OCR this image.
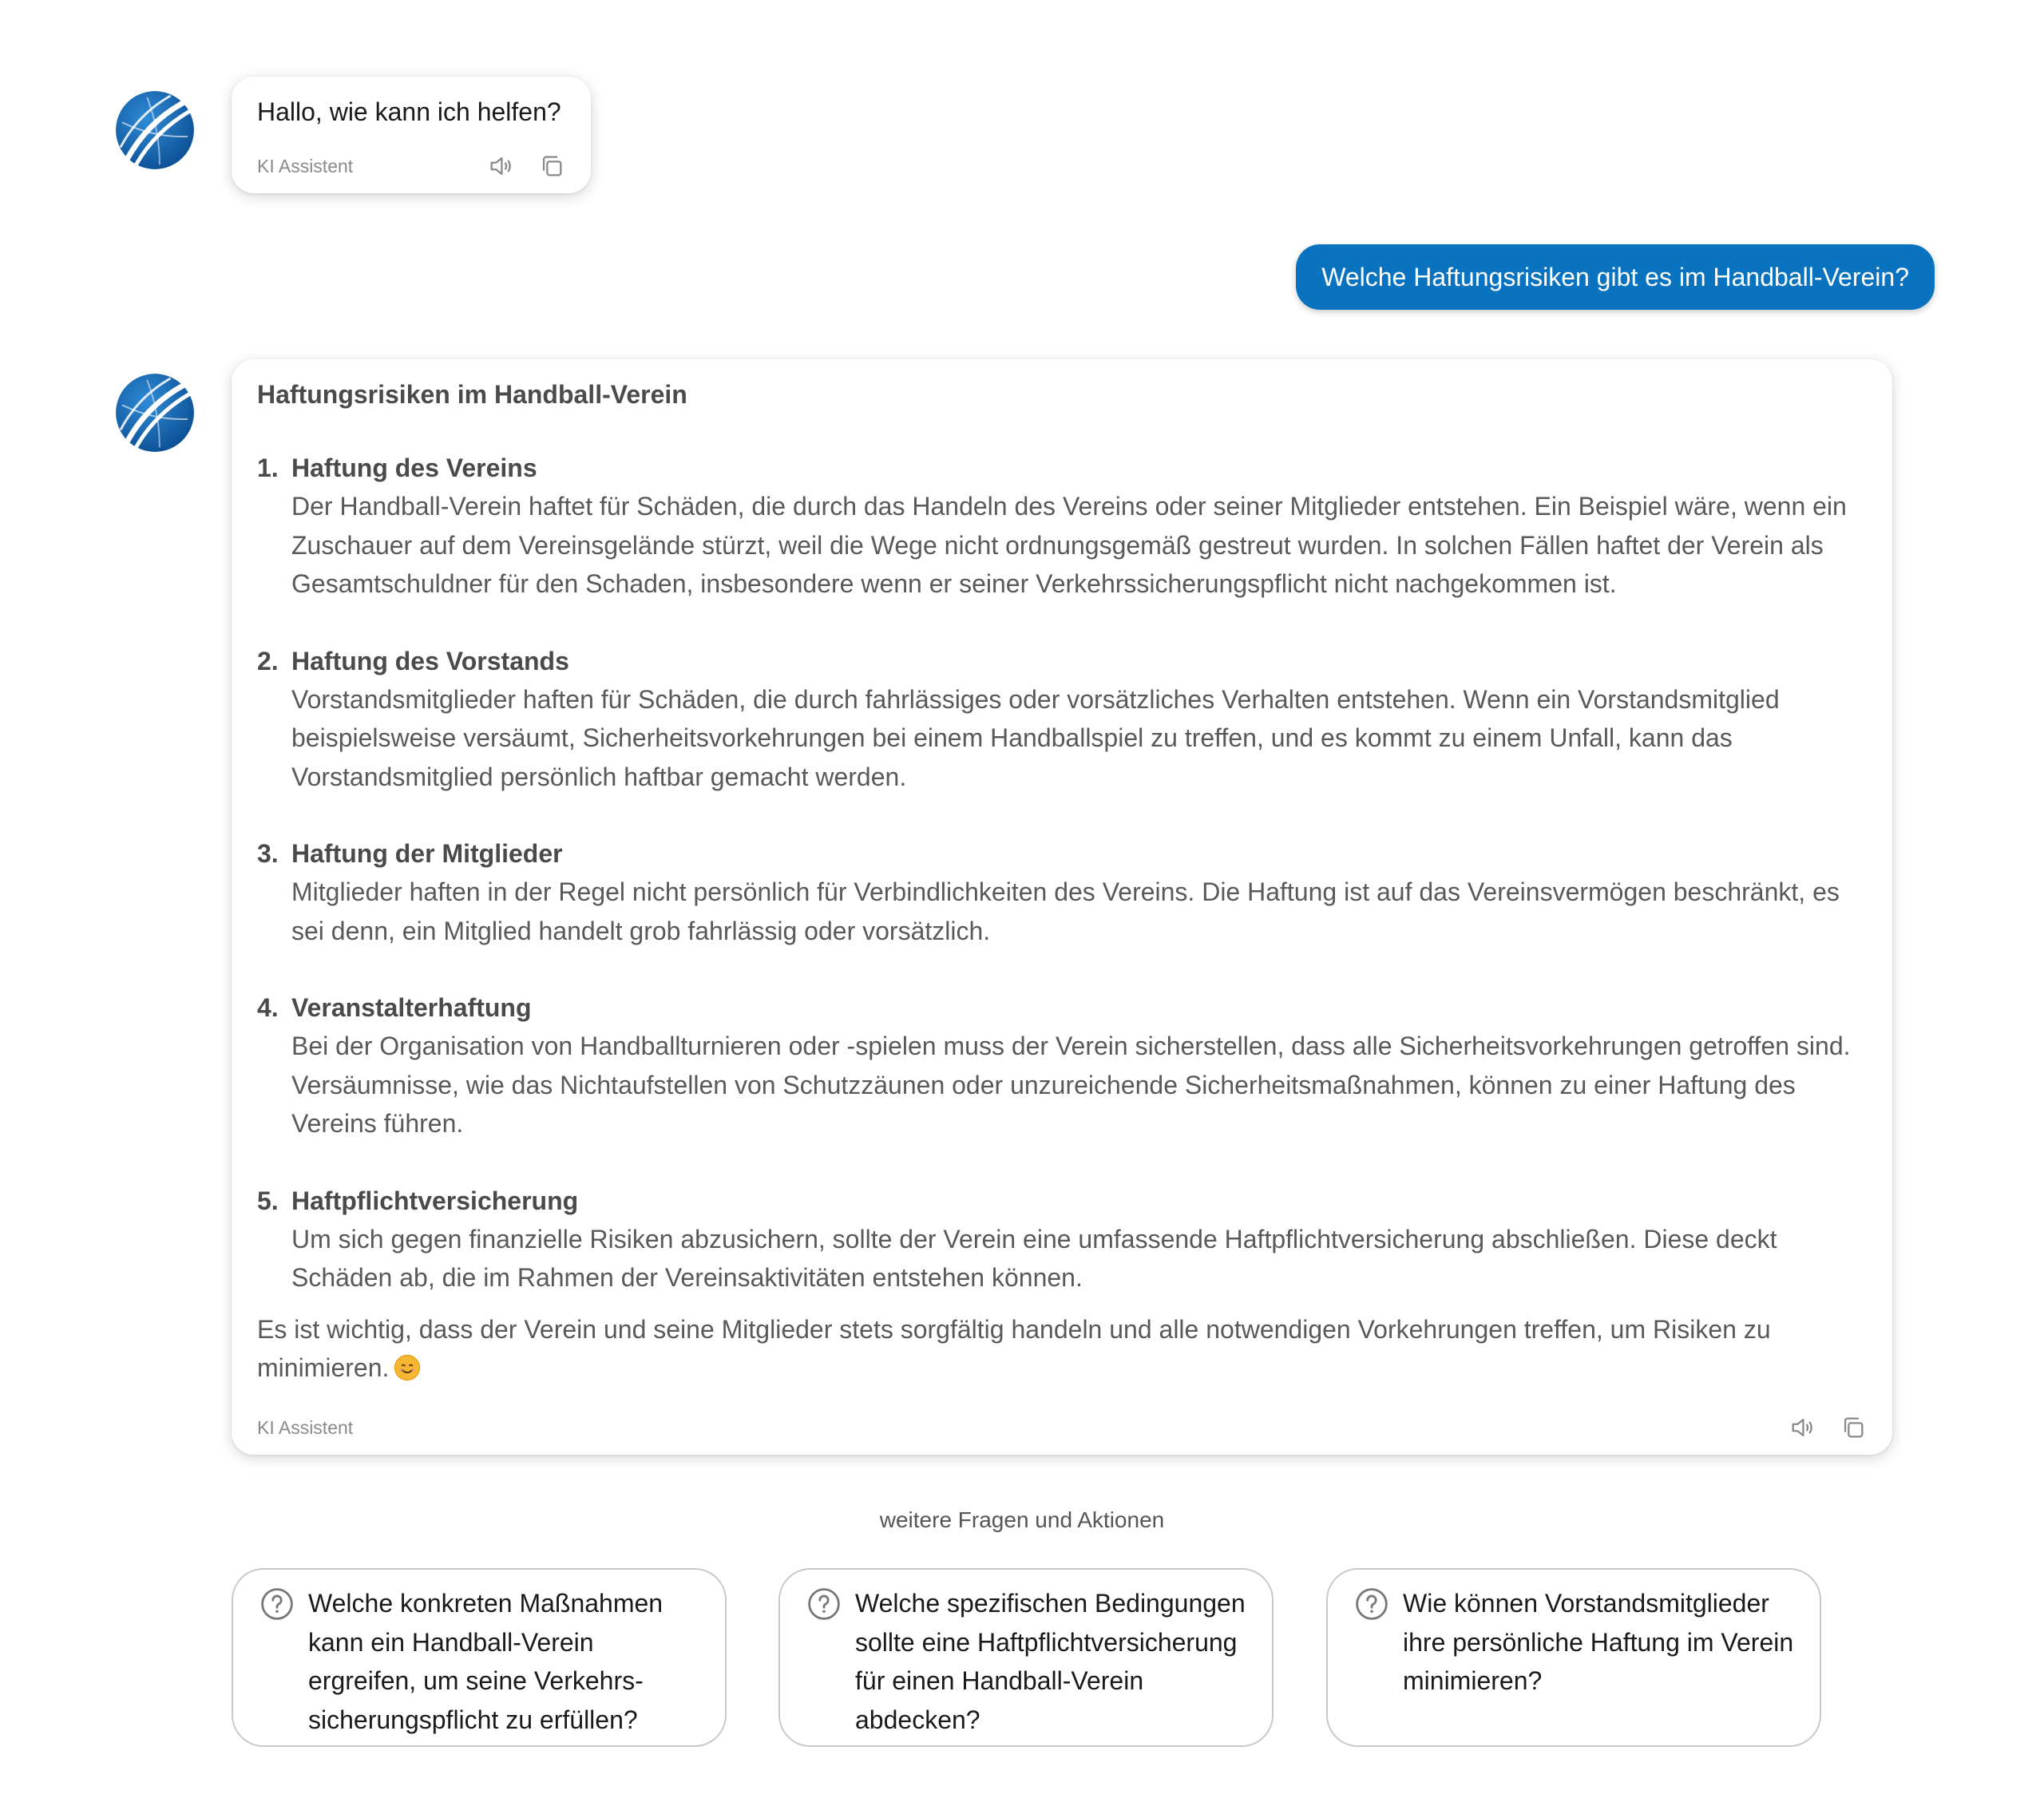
Hallo, wie kann ich helfen?
KI Assistent
Welche Haftungsrisiken gibt es im Handball-Verein?
Haftungsrisiken im Handball-Verein
1. Haftung des Vereins
Der Handball-Verein haftet für Schäden, die durch das Handeln des Vereins oder seiner Mitglieder entstehen. Ein Beispiel wäre, wenn ein Zuschauer auf dem Vereinsgelände stürzt, weil die Wege nicht ordnungsgemäß gestreut wurden. In solchen Fällen haftet der Verein als Gesamtschuldner für den Schaden, insbesondere wenn er seiner Verkehrssicherungspflicht nicht nachgekommen ist.
2. Haftung des Vorstands
Vorstandsmitglieder haften für Schäden, die durch fahrlässiges oder vorsätzliches Verhalten entstehen. Wenn ein Vorstandsmitglied beispielsweise versäumt, Sicherheitsvorkehrungen bei einem Handballspiel zu treffen, und es kommt zu einem Unfall, kann das Vorstandsmitglied persönlich haftbar gemacht werden.
3. Haftung der Mitglieder
Mitglieder haften in der Regel nicht persönlich für Verbindlichkeiten des Vereins. Die Haftung ist auf das Vereinsvermögen beschränkt, es sei denn, ein Mitglied handelt grob fahrlässig oder vorsätzlich.
4. Veranstalterhaftung
Bei der Organisation von Handballturnieren oder -spielen muss der Verein sicherstellen, dass alle Sicherheitsvorkehrungen getroffen sind. Versäumnisse, wie das Nichtaufstellen von Schutzzäunen oder unzureichende Sicherheitsmaßnahmen, können zu einer Haftung des Vereins führen.
5. Haftpflichtversicherung
Um sich gegen finanzielle Risiken abzusichern, sollte der Verein eine umfassende Haftpflichtversicherung abschließen. Diese deckt Schäden ab, die im Rahmen der Vereinsaktivitäten entstehen können.
Es ist wichtig, dass der Verein und seine Mitglieder stets sorgfältig handeln und alle notwendigen Vorkehrungen treffen, um Risiken zu minimieren.
KI Assistent
weitere Fragen und Aktionen
Welche konkreten Maßnahmen kann ein Handball-Verein ergreifen, um seine Verkehrs-sicherungspflicht zu erfüllen?
Welche spezifischen Bedingungen sollte eine Haftpflichtversicherung für einen Handball-Verein abdecken?
Wie können Vorstandsmitglieder ihre persönliche Haftung im Verein minimieren?
